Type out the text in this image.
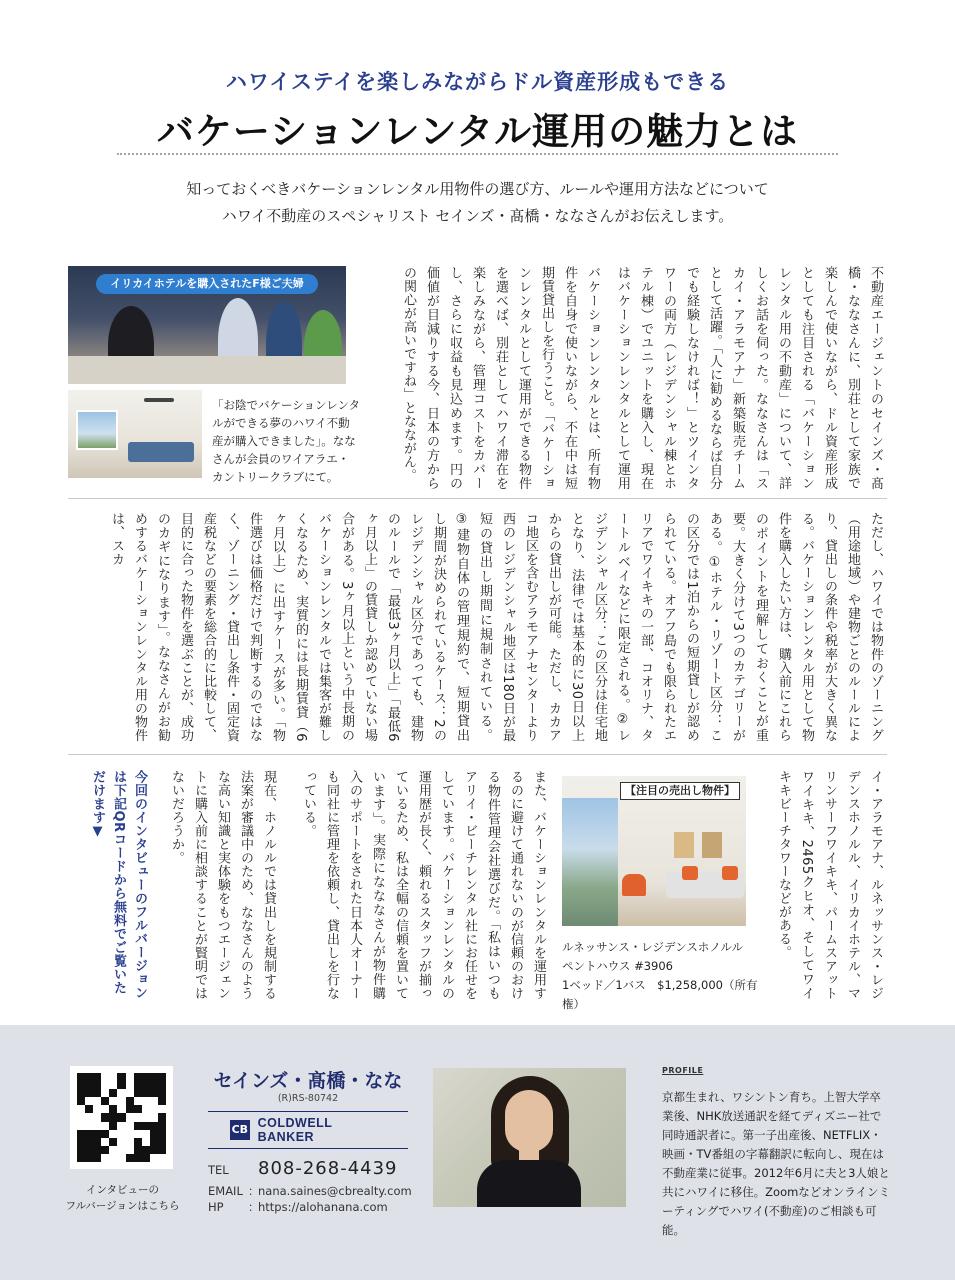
ハワイステイを楽しみながらドル資産形成もできる
バケーションレンタル運用の魅力とは
知っておくべきバケーションレンタル用物件の選び方、ルールや運用方法などについて
ハワイ不動産のスペシャリスト セインズ・髙橋・ななさんがお伝えします。
不動産エージェントのセインズ・髙橋・ななさんに、別荘として家族で楽しんで使いながら、ドル資産形成としても注目される「バケーションレンタル用の不動産」について、詳しくお話を伺った。ななさんは「スカイ・アラモアナ」新築販売チームとして活躍。「人に勧めるならば自分でも経験しなければ！」とツインタワーの両方（レジデンシャル棟とホテル棟）でユニットを購入し、現在はバケーションレンタルとして運用
バケーションレンタルとは、所有物件を自身で使いながら、不在中は短期賃貸出しを行うこと。「バケーションレンタルとして運用ができる物件を選べば、別荘としてハワイ滞在を楽しみながら、管理コストをカバーし、さらに収益も見込めます。円の価値が目減りする今、日本の方からの関心が高いですね」となながん。
イリカイホテルを購入されたF様ご夫婦
「お陰でバケーションレンタルができる夢のハワイ不動産が購入できました」。ななさんが会員のワイアラエ・カントリークラブにて。
ただし、ハワイでは物件のゾーニング（用途地域）や建物ごとのルールにより、貸出しの条件や税率が大きく異なる。バケーションレンタル用として物件を購入したい方は、購入前にこれらのポイントを理解しておくことが重要。大きく分けて3つのカテゴリーがある。①ホテル・リゾート区分：この区分では1泊からの短期貸しが認められている。オアフ島でも限られたエリアでワイキキの一部、コオリナ、タートルベイなどに限定される。②レジデンシャル区分：この区分は住宅地となり、法律では基本的に30日以上からの貸出しが可能。ただし、カカアコ地区を含むアラモアナセンターより西のレジデンシャル地区は180日が最短の貸出し期間に規制されている。③建物自体の管理規約で、短期貸出し期間が決められているケース：2のレジデンシャル区分であっても、建物のルールで「最低3ヶ月以上」「最低6ヶ月以上」の賃貸しか認めていない場合がある。3ヶ月以上という中長期のバケーションレンタルでは集客が難しくなるため、実質的には長期賃貸（6ヶ月以上）に出すケースが多い。「物件選びは価格だけで判断するのではなく、ゾーニング・貸出し条件・固定資産税などの要素を総合的に比較して、目的に合った物件を選ぶことが、成功のカギになります」。ななさんがお勧めするバケーションレンタル用の物件は、スカ
イ・アラモアナ、ルネッサンス・レジデンスホノルル、イリカイホテル、マリンサーフワイキキ、パームスアットワイキキ、2465クヒオ、そしてワイキキビーチタワーなどがある。
【注目の売出し物件】
ルネッサンス・レジデンスホノルル
ペントハウス #3906
1ベッド／1バス　$1,258,000（所有権）
また、バケーションレンタルを運用するのに避けて通れないのが信頼のおける物件管理会社選びだ。「私はいつもアリイ・ビーチレンタル社にお任せをしています。バケーションレンタルの運用歴が長く、頼れるスタッフが揃っているため、私は全幅の信頼を置いています」。実際になななさんが物件購入のサポートをされた日本人オーナーも同社に管理を依頼し、貸出しを行なっている。
現在、ホノルルでは貸出しを規制する法案が審議中のため、ななさんのような高い知識と実体験をもつエージェントに購入前に相談することが賢明ではないだろうか。
今回のインタビューのフルバージョンは下記QRコードから無料でご覧いただけます▼
インタビューの
フルバージョンはこちら
セインズ・髙橋・なな
(R)RS-80742
CB COLDWELL BANKER
TEL	808-268-4439
EMAIL ：
nana.saines@cbrealty.com
HP	：
https://alohanana.com
PROFILE
京都生まれ、ワシントン育ち。上智大学卒業後、NHK放送通訳を経てディズニー社で同時通訳者に。第一子出産後、NETFLIX・映画・TV番組の字幕翻訳に転向し、現在は不動産業に従事。2012年6月に夫と3人娘と共にハワイに移住。Zoomなどオンラインミーティングでハワイ(不動産)のご相談も可能。
